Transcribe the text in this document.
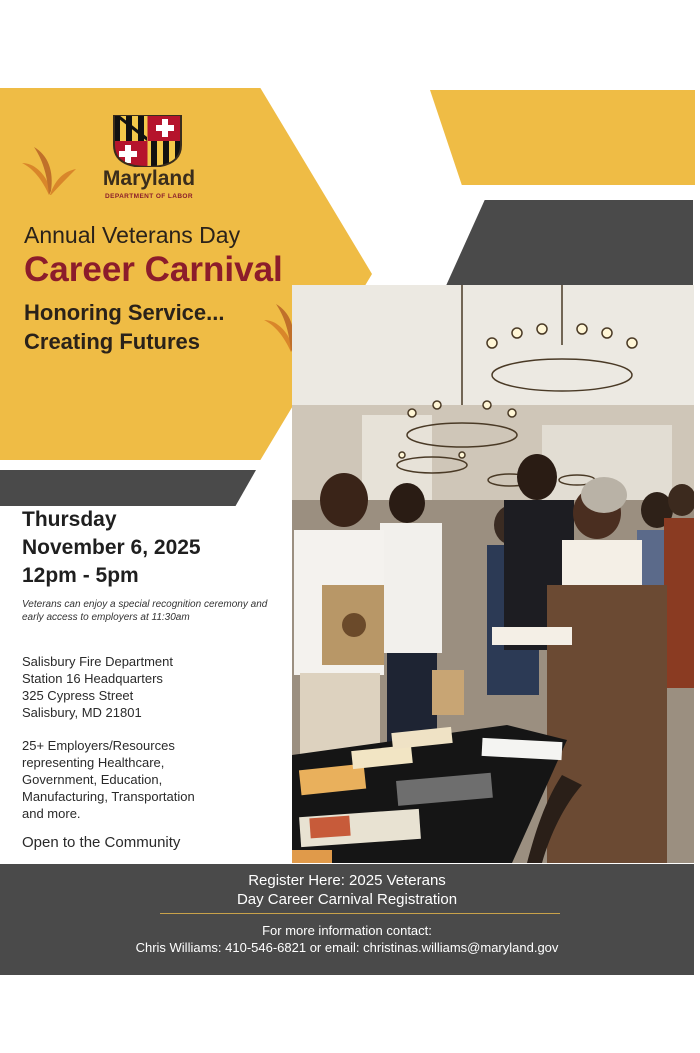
Maryland
DEPARTMENT OF LABOR
Annual Veterans Day
Career Carnival
Honoring Service...
Creating Futures
Thursday
November 6, 2025
12pm - 5pm
Veterans can enjoy a special recognition ceremony and early access to employers at 11:30am
Salisbury Fire Department
Station 16 Headquarters
325 Cypress Street
Salisbury, MD 21801
25+ Employers/Resources
representing Healthcare,
Government, Education,
Manufacturing, Transportation
and more.
Open to the Community
Register Here: 2025 Veterans
Day Career Carnival Registration
For more information contact:
Chris Williams: 410-546-6821 or email: christinas.williams@maryland.gov
